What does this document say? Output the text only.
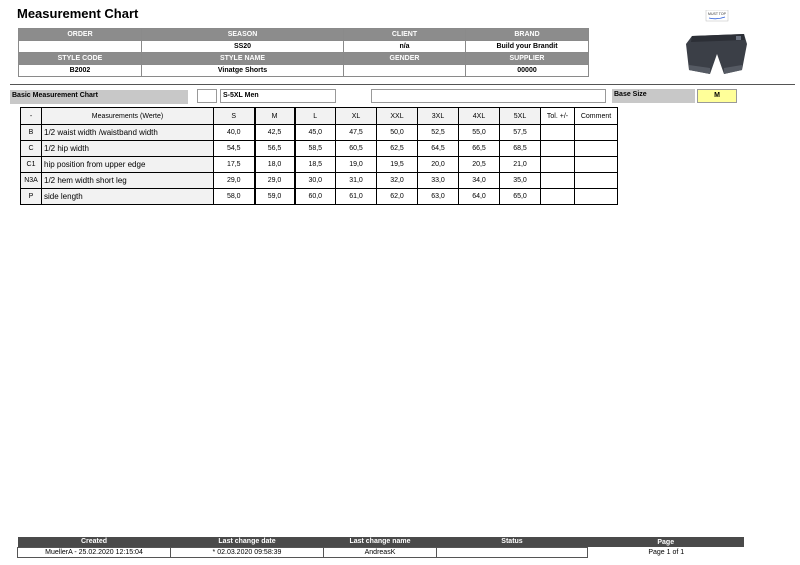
Measurement Chart
ORDER	SEASON	CLIENT	BRAND
	SS20	n/a	Build your Brandit
STYLE CODE	STYLE NAME	GENDER	SUPPLIER
B2002	Vinatge Shorts		00000
MUST TOP
Basic Measurement Chart	S-5XL Men	Base Size	M
-	Measurements (Werte)	S	M	L	XL	XXL	3XL	4XL	5XL	Tol. +/-	Comment
B	1/2 waist width /waistband width	40,0	42,5	45,0	47,5	50,0	52,5	55,0	57,5		
C	1/2 hip width	54,5	56,5	58,5	60,5	62,5	64,5	66,5	68,5		
C1	hip position from upper edge	17,5	18,0	18,5	19,0	19,5	20,0	20,5	21,0		
N3A	1/2 hem width short leg	29,0	29,0	30,0	31,0	32,0	33,0	34,0	35,0		
P	side length	58,0	59,0	60,0	61,0	62,0	63,0	64,0	65,0		
Created	Last change date	Last change name	Status	Page
MuellerA - 25.02.2020 12:15:04	* 02.03.2020 09:58:39	AndreasK		Page 1 of 1
